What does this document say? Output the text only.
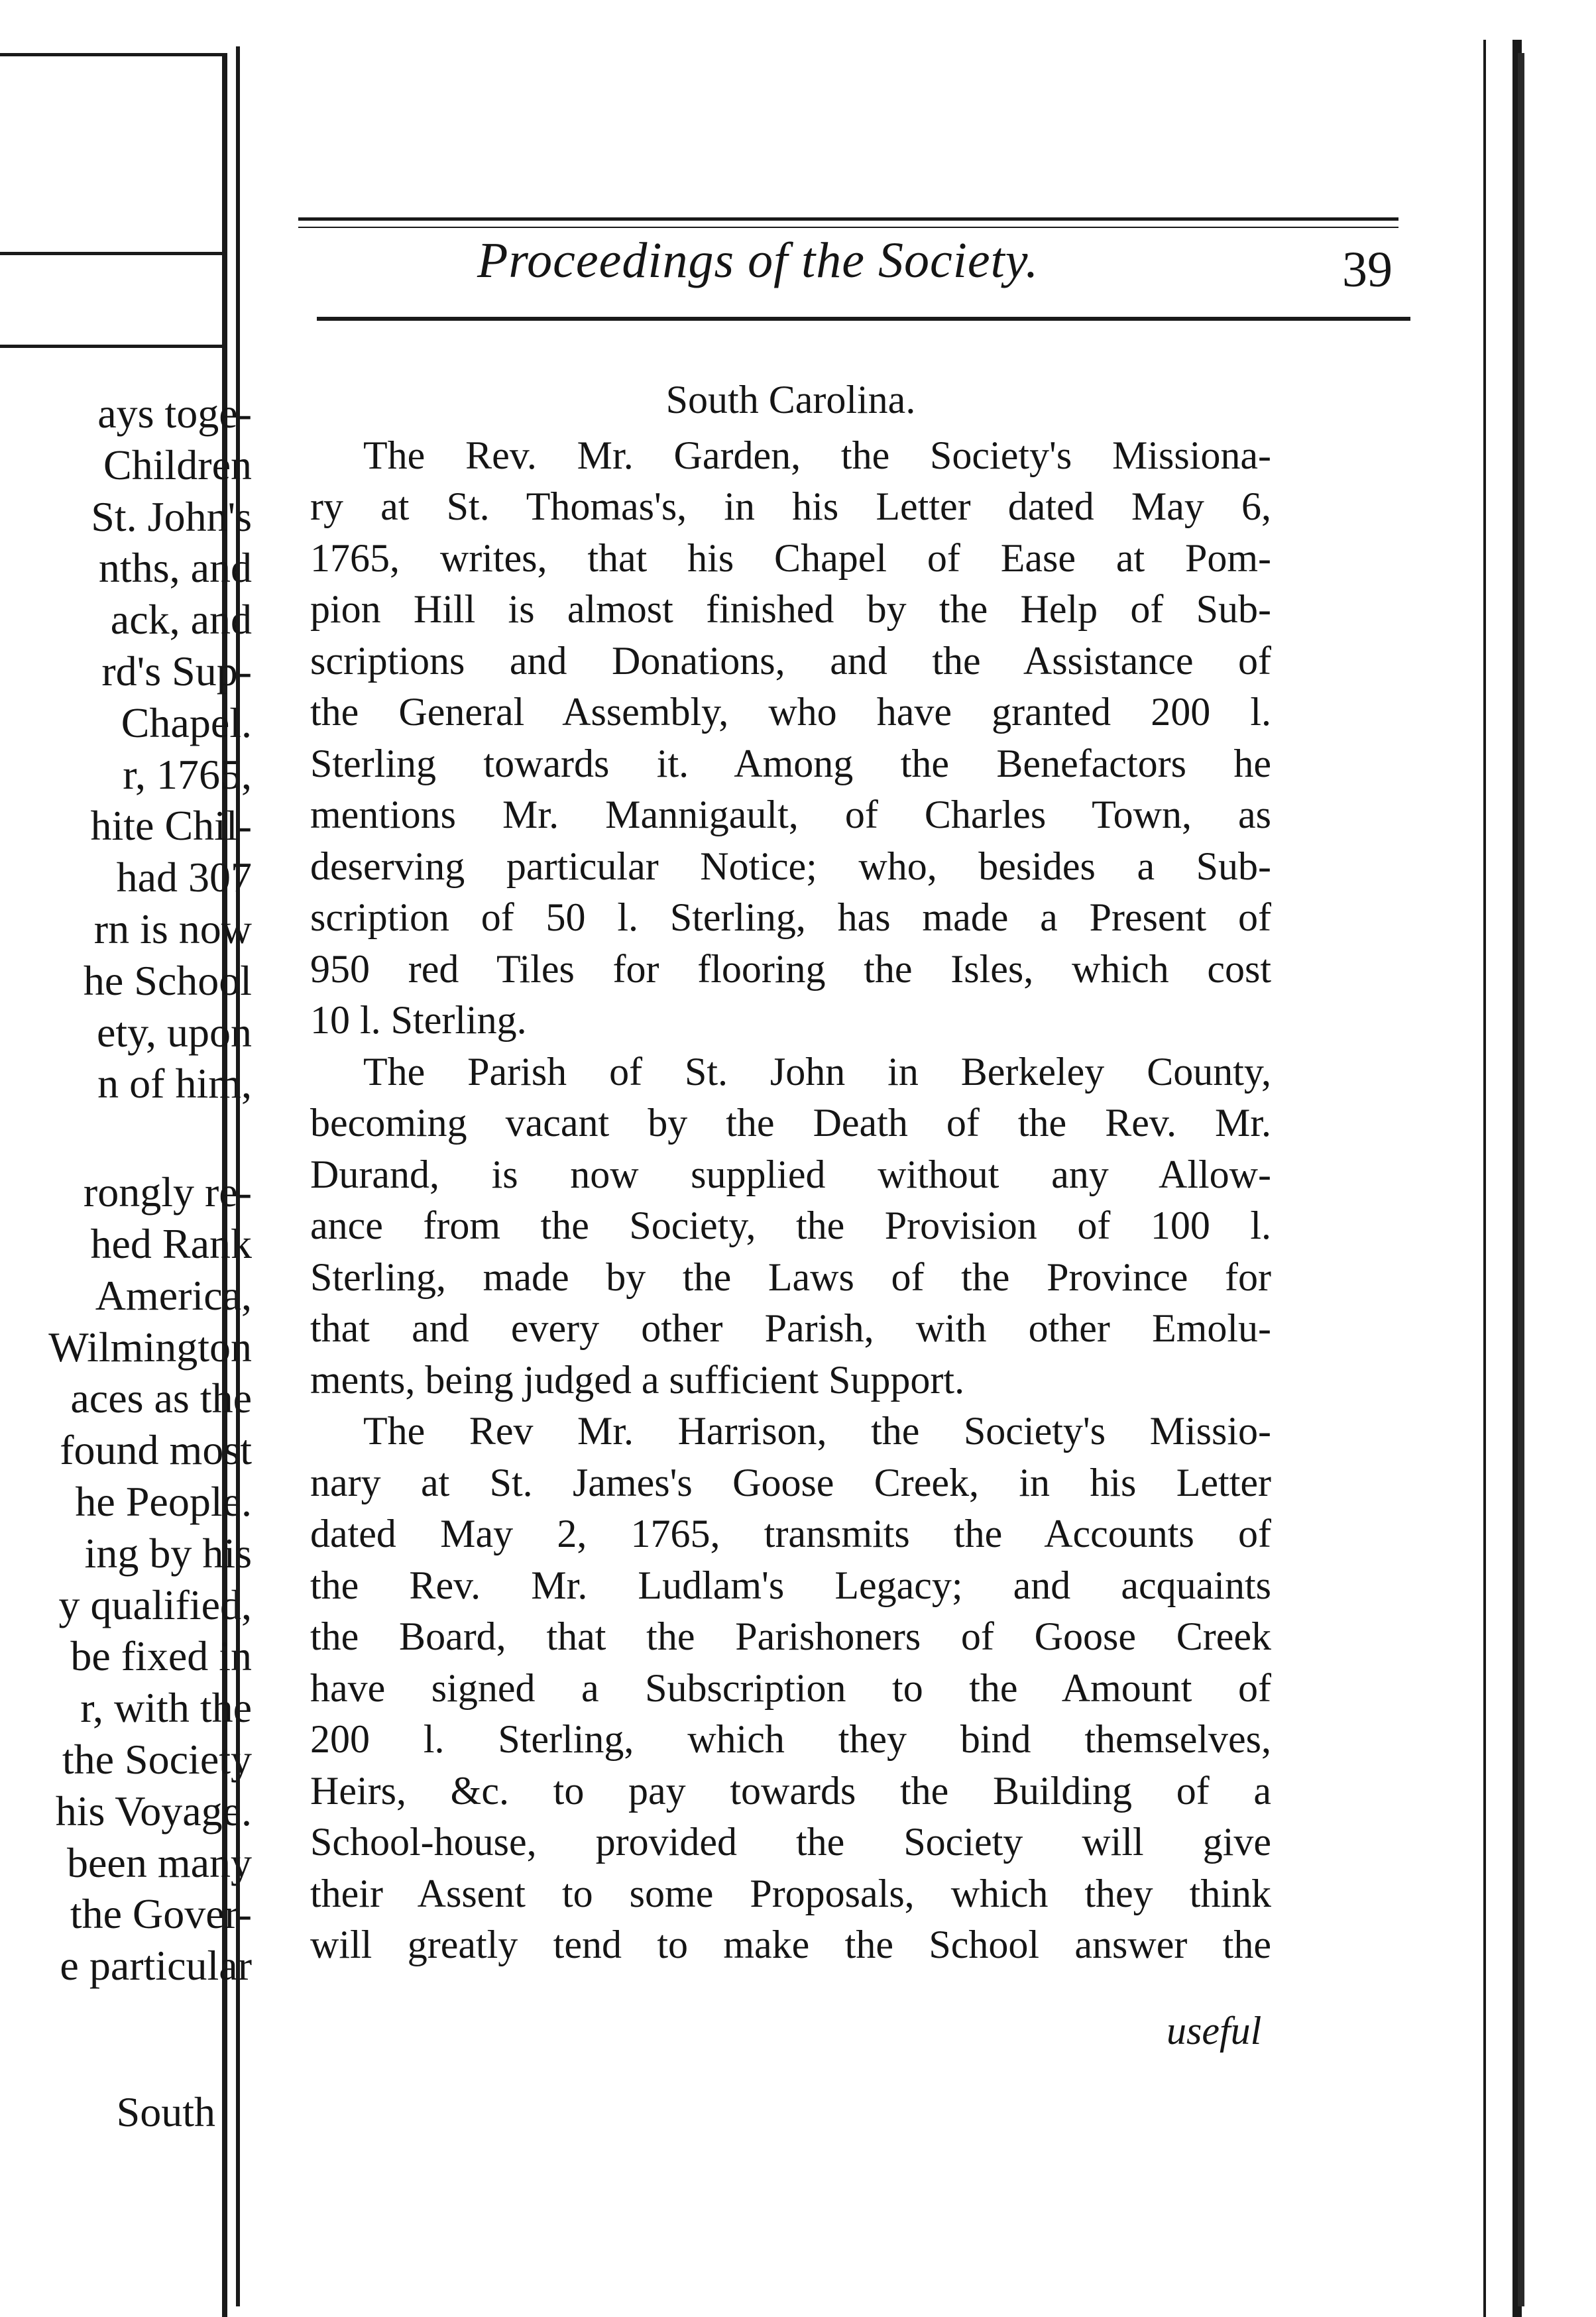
ays toge-
Children
St. John's
nths, and
ack, and
rd's Sup-
Chapel.
r, 1765,
hite Chil-
had 307
rn is now
he School
ety, upon
n of him,
rongly re-
hed Rank
America,
Wilmington
aces as the
found most
he People.
ing by his
y qualified,
be fixed in
r, with the
the Society
his Voyage.
been many
the Gover-
e particular
South
Proceedings of the Society.	39
South Carolina.
The Rev. Mr. Garden, the Society's Missiona-
ry at St. Thomas's, in his Letter dated May 6,
1765, writes, that his Chapel of Ease at Pom-
pion Hill is almost finished by the Help of Sub-
scriptions and Donations, and the Assistance of
the General Assembly, who have granted 200 l.
Sterling towards it. Among the Benefactors he
mentions Mr. Mannigault, of Charles Town, as
deserving particular Notice; who, besides a Sub-
scription of 50 l. Sterling, has made a Present of
950 red Tiles for flooring the Isles, which cost
10 l. Sterling.
The Parish of St. John in Berkeley County,
becoming vacant by the Death of the Rev. Mr.
Durand, is now supplied without any Allow-
ance from the Society, the Provision of 100 l.
Sterling, made by the Laws of the Province for
that and every other Parish, with other Emolu-
ments, being judged a sufficient Support.
The Rev Mr. Harrison, the Society's Missio-
nary at St. James's Goose Creek, in his Letter
dated May 2, 1765, transmits the Accounts of
the Rev. Mr. Ludlam's Legacy; and acquaints
the Board, that the Parishoners of Goose Creek
have signed a Subscription to the Amount of
200 l. Sterling, which they bind themselves,
Heirs, &c. to pay towards the Building of a
School-house, provided the Society will give
their Assent to some Proposals, which they think
will greatly tend to make the School answer the
useful
